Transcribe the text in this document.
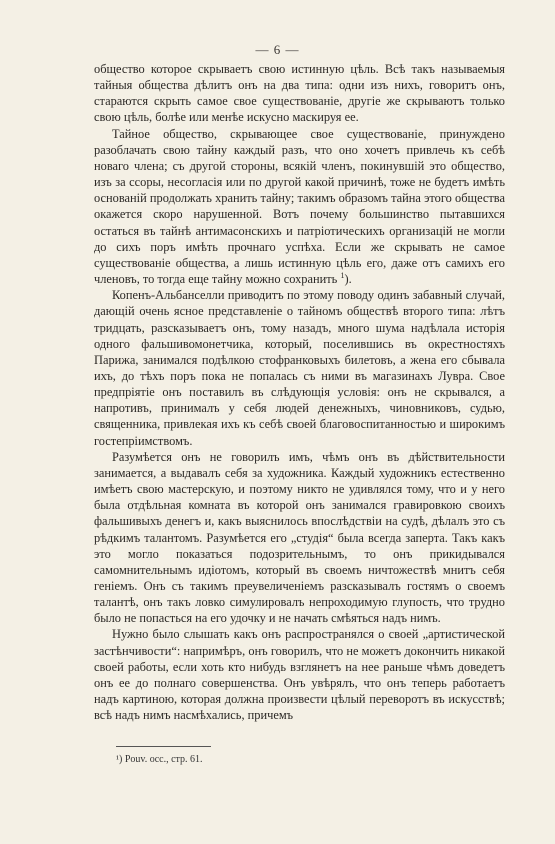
— 6 —

общество которое скрываетъ свою истинную цѣль. Всѣ такъ называемыя тайныя общества дѣлитъ онъ на два типа: одни изъ нихъ, говоритъ онъ, стараются скрыть самое свое существованіе, другіе же скрываютъ только свою цѣль, болѣе или менѣе искусно маскируя ее.

Тайное общество, скрывающее свое существованіе, принуждено разоблачать свою тайну каждый разъ, что оно хочетъ привлечь къ себѣ новаго члена; съ другой стороны, всякій членъ, покинувшій это общество, изъ за ссоры, несогласія или по другой какой причинѣ, тоже не будетъ имѣть основаній продолжать хранить тайну; такимъ образомъ тайна этого общества окажется скоро нарушенной. Вотъ почему большинство пытавшихся остаться въ тайнѣ антимасонскихъ и патріотическихъ организацій не могли до сихъ поръ имѣть прочнаго успѣха. Если же скрывать не самое существованіе общества, а лишь истинную цѣль его, даже отъ самихъ его членовъ, то тогда еще тайну можно сохранить $^1$).

Копенъ-Альбанселли приводитъ по этому поводу одинъ забавный случай, дающій очень ясное представленіе о тайномъ обществѣ второго типа: лѣтъ тридцать, разсказываетъ онъ, тому назадъ, много шума надѣлала исторія одного фальшивомонетчика, который, поселившись въ окрестностяхъ Парижа, занимался подѣлкою стофранковыхъ билетовъ, а жена его сбывала ихъ, до тѣхъ поръ пока не попалась съ ними въ магазинахъ Лувра. Свое предпріятіе онъ поставилъ въ слѣдующія условія: онъ не скрывался, а напротивъ, принималъ у себя людей денежныхъ, чиновниковъ, судью, священника, привлекая ихъ къ себѣ своей благовоспитанностью и широкимъ гостепріимствомъ.

Разумѣется онъ не говорилъ имъ, чѣмъ онъ въ дѣйствительности занимается, а выдавалъ себя за художника. Каждый художникъ естественно имѣетъ свою мастерскую, и поэтому никто не удивлялся тому, что и у него была отдѣльная комната въ которой онъ занимался гравировкою своихъ фальшивыхъ денегъ и, какъ выяснилось впослѣдствіи на судѣ, дѣлалъ это съ рѣдкимъ талантомъ. Разумѣется его „студія“ была всегда заперта. Такъ какъ это могло показаться подозрительнымъ, то онъ прикидывался самомнительнымъ идіотомъ, который въ своемъ ничтожествѣ мнитъ себя геніемъ. Онъ съ такимъ преувеличеніемъ разсказывалъ гостямъ о своемъ талантѣ, онъ такъ ловко симулировалъ непроходимую глупость, что трудно было не попасться на его удочку и не начать смѣяться надъ нимъ.

Нужно было слышать какъ онъ распространялся о своей „артистической застѣнчивости“: напримѣръ, онъ говорилъ, что не можетъ докончить никакой своей работы, если хоть кто нибудь взглянетъ на нее раньше чѣмъ доведетъ онъ ее до полнаго совершенства. Онъ увѣрялъ, что онъ теперь работаетъ надъ картиною, которая должна произвести цѣлый переворотъ въ искусствѣ; всѣ надъ нимъ насмѣхались, причемъ

¹) Pouv. occ., стр. 61.
